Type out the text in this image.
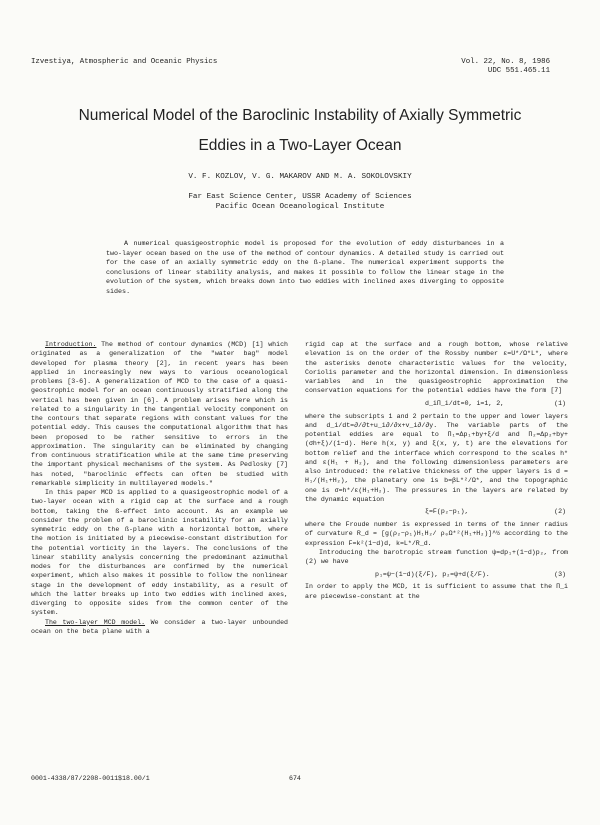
Izvestiya, Atmospheric and Oceanic Physics	Vol. 22, No. 8, 1986
UDC 551.465.11
Numerical Model of the Baroclinic Instability of Axially Symmetric
Eddies in a Two-Layer Ocean
V. F. KOZLOV, V. G. MAKAROV AND M. A. SOKOLOVSKIY
Far East Science Center, USSR Academy of Sciences
Pacific Ocean Oceanological Institute

A numerical quasigeostrophic model is proposed for the evolution of eddy disturbances in a two-layer ocean based on the use of the method of contour dynamics. A detailed study is carried out for the case of an axially symmetric eddy on the ß-plane. The numerical experiment supports the conclusions of linear stability analysis, and makes it possible to follow the linear stage in the evolution of the system, which breaks down into two eddies with inclined axes diverging to opposite sides.

Introduction. The method of contour dynamics (MCD) [1] which originated as a generalization of the "water bag" model developed for plasma theory [2], in recent years has been applied in increasingly new ways to various oceanological problems [3-6]. A generalization of MCD to the case of a quasi-geostrophic model for an ocean continuously stratified along the vertical has been given in [6]. A problem arises here which is related to a singularity in the tangential velocity component on the contours that separate regions with constant values for the potential eddy. This causes the computational algorithm that has been proposed to be rather sensitive to errors in the approximation. The singularity can be eliminated by changing from continuous stratification while at the same time preserving the important physical mechanisms of the system. As Pedlosky [7] has noted, "baroclinic effects can often be studied with remarkable simplicity in multilayered models."

In this paper MCD is applied to a quasigeostrophic model of a two-layer ocean with a rigid cap at the surface and a rough bottom, taking the ß-effect into account. As an example we consider the problem of a baroclinic instability for an axially symmetric eddy on the ß-plane with a horizontal bottom, where the motion is initiated by a piecewise-constant distribution for the potential vorticity in the layers. The conclusions of the linear stability analysis concerning the predominant azimuthal modes for the disturbances are confirmed by the numerical experiment, which also makes it possible to follow the nonlinear stage in the development of eddy instability, as a result of which the latter breaks up into two eddies with inclined axes, diverging to opposite sides from the common center of the system.

The two-layer MCD model. We consider a two-layer unbounded ocean on the beta plane with a

rigid cap at the surface and a rough bottom, whose relative elevation is on the order of the Rossby number ε=U*/Ω*L*, where the asterisks denote characteristic values for the velocity, Coriolis parameter and the horizontal dimension. In dimensionless variables and in the quasigeostrophic approximation the conservation equations for the potential eddies have the form [7]

d_iΠ_i/dt=0, i=1, 2,	(1)

where the subscripts 1 and 2 pertain to the upper and lower layers and d_i/dt=∂/∂t+u_i∂/∂x+v_i∂/∂y. The variable parts of the potential eddies are equal to Π₁=Δp₁+by+ξ/d and Π₂=Δp₂+by+(σh+ξ)/(1−d). Here h(x, y) and ξ(x, y, t) are the elevations for bottom relief and the interface which correspond to the scales h* and ε(H₁ + H₂), and the following dimensionless parameters are also introduced: the relative thickness of the upper layers is d = H₁/(H₁+H₂), the planetary one is b=βL*²/Ω*, and the topographic one is σ=h*/ε(H₁+H₂). The pressures in the layers are related by the dynamic equation

ξ=F(p₂−p₁),	(2)

where the Froude number is expressed in terms of the inner radius of curvature R_d = [g(ρ₂−ρ₁)H₁H₂/ ρ₀Ω*²(H₁+H₂)]^½ according to the expression F=k²(1−d)d, k=L*/R_d.

Introducing the barotropic stream function ψ=dp₁+(1−d)p₂, from (2) we have

p₁=ψ−(1−d)(ξ/F), p₂=ψ+d(ξ/F).	(3)

In order to apply the MCD, it is sufficient to assume that the Π_i are piecewise-constant at the

0001-4338/87/2208-0011$18.00/1	674
